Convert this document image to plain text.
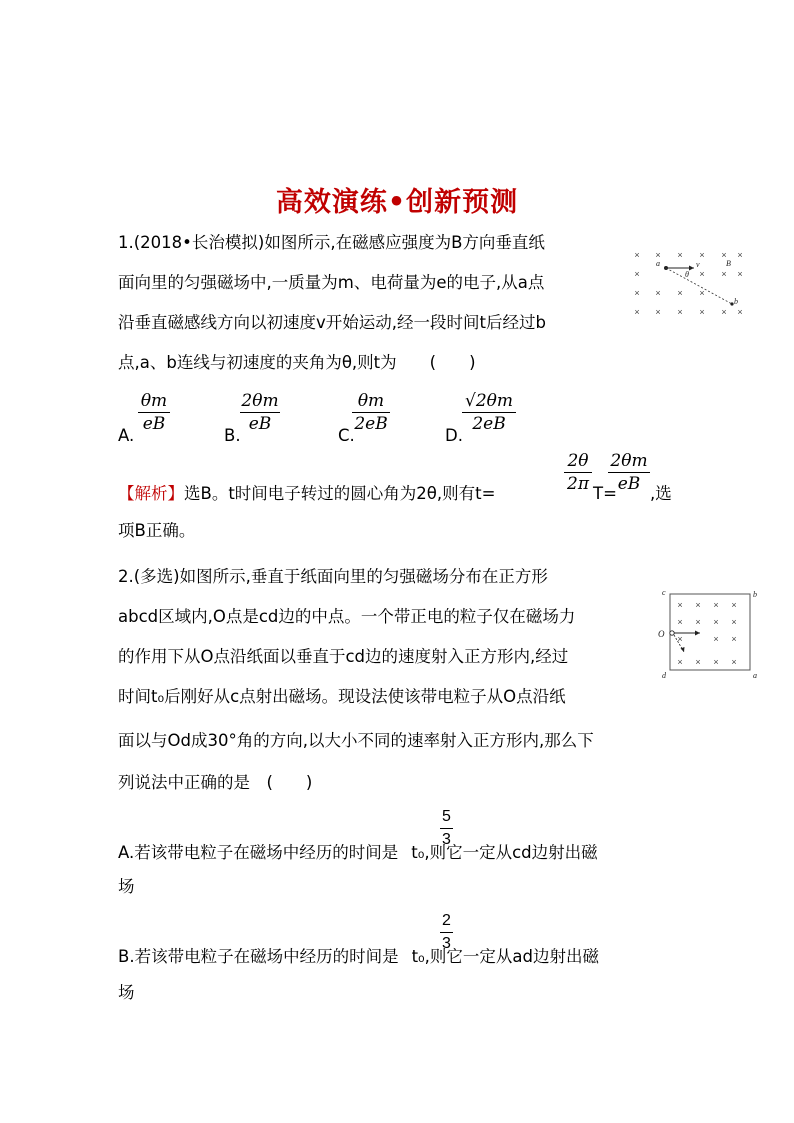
高效演练•创新预测
1.(2018•长治模拟)如图所示,在磁感应强度为B方向垂直纸
面向里的匀强磁场中,一质量为m、电荷量为e的电子,从a点
沿垂直磁感线方向以初速度v开始运动,经一段时间t后经过b
点,a、b连线与初速度的夹角为θ,则t为　　(　　)
× × × × × ×
×	× × ×
× × × ×
× × × × × ×
a	v
θ
B
b
A.
θm
eB
B.
2θm
eB
C.
θm
2eB
D.
√2θm
2eB
【解析】选B。t时间电子转过的圆心角为2θ,则有t=
2θ
2π T=
2θm
eB ,选
项B正确。
2.(多选)如图所示,垂直于纸面向里的匀强磁场分布在正方形
abcd区域内,O点是cd边的中点。一个带正电的粒子仅在磁场力
的作用下从O点沿纸面以垂直于cd边的速度射入正方形内,经过
时间t₀后刚好从c点射出磁场。现设法使该带电粒子从O点沿纸
面以与Od成30°角的方向,以大小不同的速率射入正方形内,那么下
列说法中正确的是　(　　)
× × × ×
× × × ×
×	× ×
× × × ×
c	b
O
d	a
A.若该带电粒子在磁场中经历的时间是 t₀,则它一定从cd边射出磁
5
3
场
B.若该带电粒子在磁场中经历的时间是 t₀,则它一定从ad边射出磁
2
3
场
